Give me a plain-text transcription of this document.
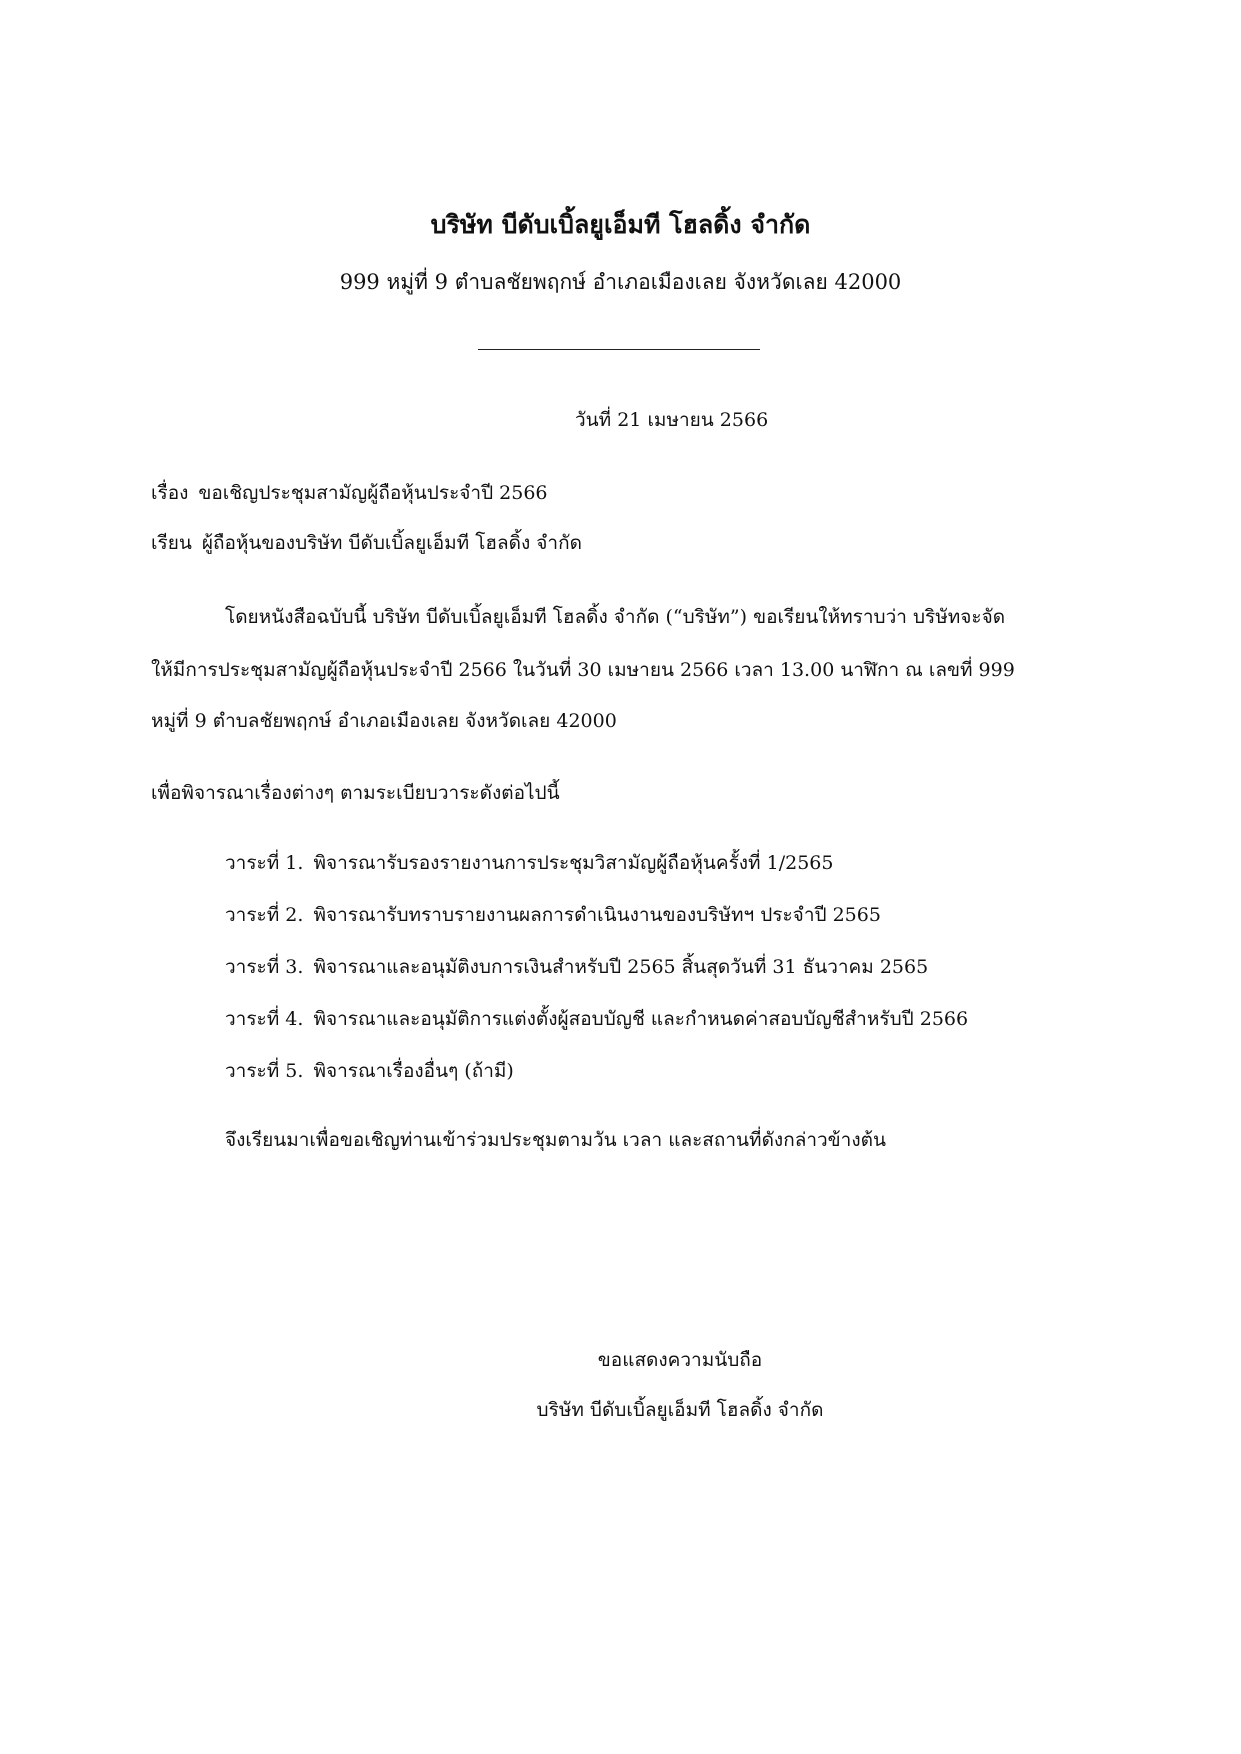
บริษัท บีดับเบิ้ลยูเอ็มที โฮลดิ้ง จำกัด
999 หมู่ที่ 9 ตำบลชัยพฤกษ์ อำเภอเมืองเลย จังหวัดเลย 42000
วันที่ 21 เมษายน 2566
เรื่อง ขอเชิญประชุมสามัญผู้ถือหุ้นประจำปี 2566
เรียน ผู้ถือหุ้นของบริษัท บีดับเบิ้ลยูเอ็มที โฮลดิ้ง จำกัด
โดยหนังสือฉบับนี้ บริษัท บีดับเบิ้ลยูเอ็มที โฮลดิ้ง จำกัด (“บริษัท”) ขอเรียนให้ทราบว่า บริษัทจะจัด
ให้มีการประชุมสามัญผู้ถือหุ้นประจำปี 2566 ในวันที่ 30 เมษายน 2566 เวลา 13.00 นาฬิกา ณ เลขที่ 999
หมู่ที่ 9 ตำบลชัยพฤกษ์ อำเภอเมืองเลย จังหวัดเลย 42000
เพื่อพิจารณาเรื่องต่างๆ ตามระเบียบวาระดังต่อไปนี้
วาระที่ 1. พิจารณารับรองรายงานการประชุมวิสามัญผู้ถือหุ้นครั้งที่ 1/2565
วาระที่ 2. พิจารณารับทราบรายงานผลการดำเนินงานของบริษัทฯ ประจำปี 2565
วาระที่ 3. พิจารณาและอนุมัติงบการเงินสำหรับปี 2565 สิ้นสุดวันที่ 31 ธันวาคม 2565
วาระที่ 4. พิจารณาและอนุมัติการแต่งตั้งผู้สอบบัญชี และกำหนดค่าสอบบัญชีสำหรับปี 2566
วาระที่ 5. พิจารณาเรื่องอื่นๆ (ถ้ามี)
จึงเรียนมาเพื่อขอเชิญท่านเข้าร่วมประชุมตามวัน เวลา และสถานที่ดังกล่าวข้างต้น
ขอแสดงความนับถือ
บริษัท บีดับเบิ้ลยูเอ็มที โฮลดิ้ง จำกัด
